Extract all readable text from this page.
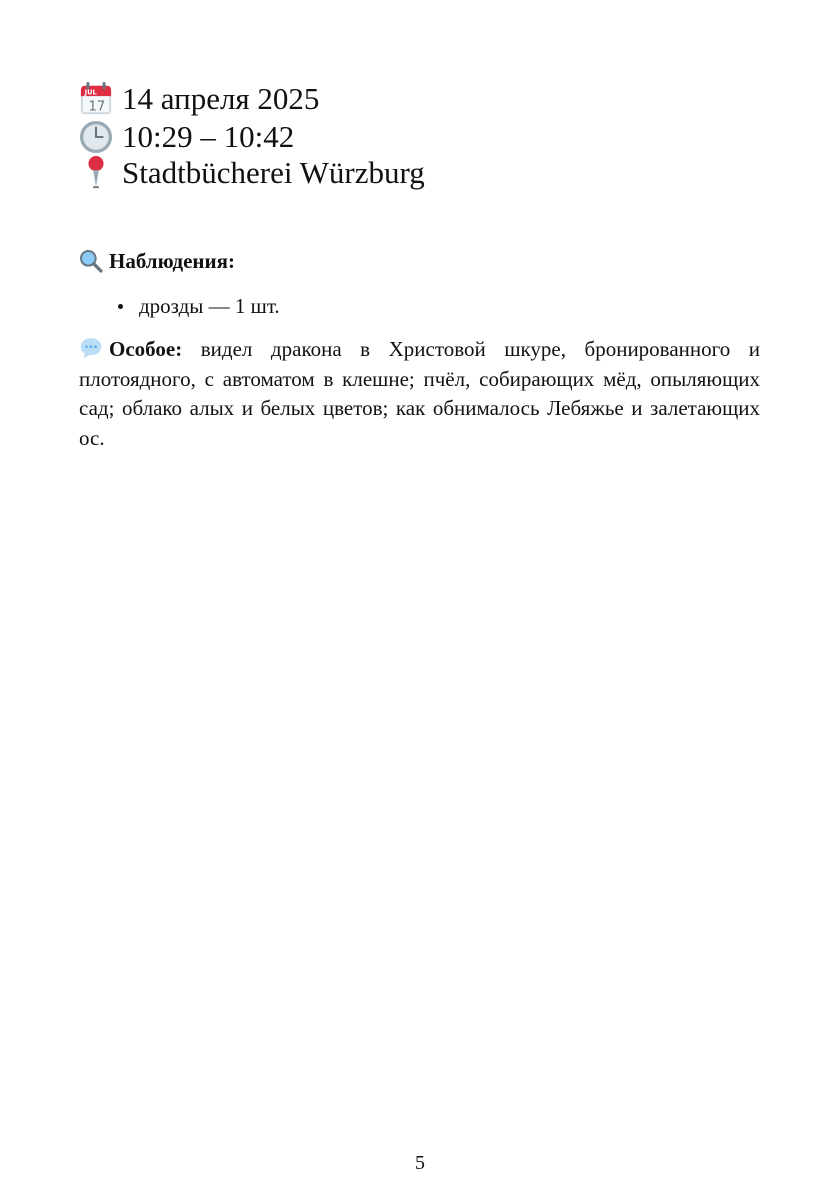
JUL
17 14 апреля 2025
10:29 – 10:42
Stadtbücherei Würzburg
Наблюдения:
дрозды — 1 шт.
Особое: видел дракона в Христовой шкуре, бронированного и плотоядного, с автоматом в клешне; пчёл, собирающих мёд, опыляющих сад; облако алых и белых цветов; как обнималось Лебяжье и залетающих ос.
5
